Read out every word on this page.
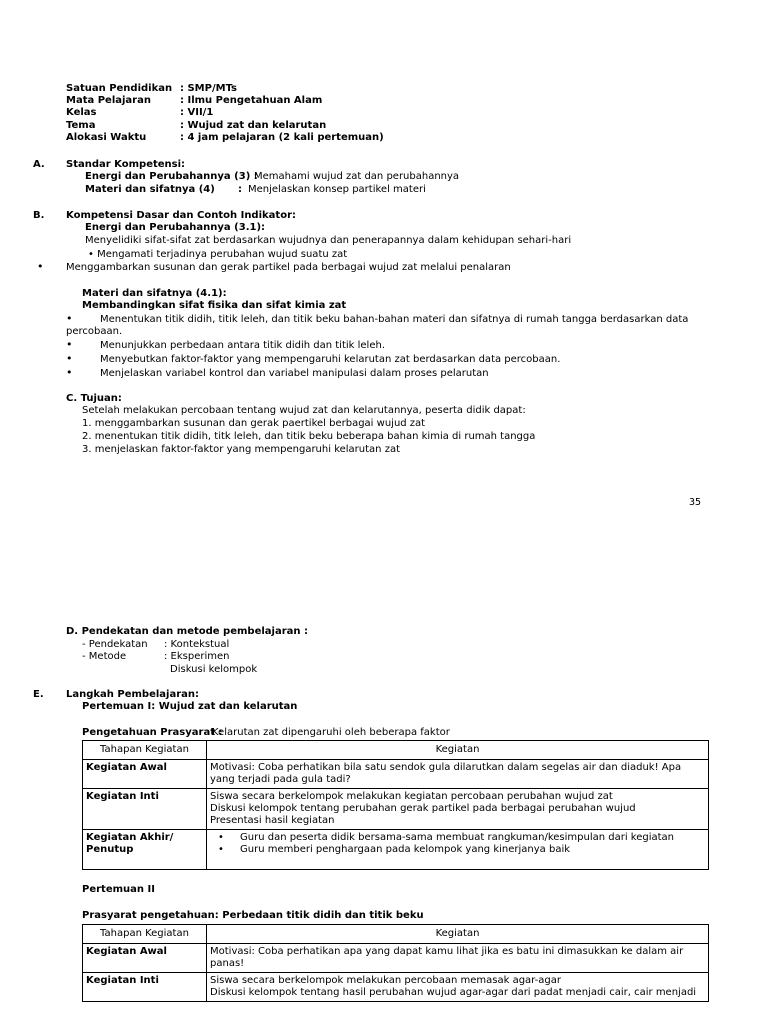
Satuan Pendidikan : SMP/MTs
Mata Pelajaran	: Ilmu Pengetahuan Alam
Kelas	: VII/1
Tema	: Wujud zat dan kelarutan
Alokasi Waktu	: 4 jam pelajaran (2 kali pertemuan)
A. Standar Kompetensi:
Energi dan Perubahannya (3) :
Memahami wujud zat dan perubahannya
Materi dan sifatnya (4) : Menjelaskan konsep partikel materi
B. Kompetensi Dasar dan Contoh Indikator:
Energi dan Perubahannya (3.1):
Menyelidiki sifat-sifat zat berdasarkan wujudnya dan penerapannya dalam kehidupan sehari-hari
• Mengamati terjadinya perubahan wujud suatu zat
• Menggambarkan susunan dan gerak partikel pada berbagai wujud zat melalui penalaran
Materi dan sifatnya (4.1):
Membandingkan sifat fisika dan sifat kimia zat
•	Menentukan titik didih, titik leleh, dan titik beku bahan-bahan materi dan sifatnya di rumah tangga berdasarkan data
percobaan.
•	Menunjukkan perbedaan antara titik didih dan titik leleh.
•	Menyebutkan faktor-faktor yang mempengaruhi kelarutan zat berdasarkan data percobaan.
•	Menjelaskan variabel kontrol dan variabel manipulasi dalam proses pelarutan
C. Tujuan:
Setelah melakukan percobaan tentang wujud zat dan kelarutannya, peserta didik dapat:
1. menggambarkan susunan dan gerak paertikel berbagai wujud zat
2. menentukan titik didih, titk leleh, dan titik beku beberapa bahan kimia di rumah tangga
3. menjelaskan faktor-faktor yang mempengaruhi kelarutan zat
35
D. Pendekatan dan metode pembelajaran :
- Pendekatan : Kontekstual
- Metode	: Eksperimen
Diskusi kelompok
E. Langkah Pembelajaran:
Pertemuan I: Wujud zat dan kelarutan
Pengetahuan Prasyarat :
Kelarutan zat dipengaruhi oleh beberapa faktor
Tahapan Kegiatan	Kegiatan
Kegiatan Awal	Motivasi: Coba perhatikan bila satu sendok gula dilarutkan dalam segelas air dan diaduk! Apa yang terjadi pada gula tadi?

Kegiatan Inti	Siswa secara berkelompok melakukan kegiatan percobaan perubahan wujud zat
Diskusi kelompok tentang perubahan gerak partikel pada berbagai perubahan wujud
Presentasi hasil kegiatan

Kegiatan Akhir/ Penutup	• Guru dan peserta didik bersama-sama membuat rangkuman/kesimpulan dari kegiatan
• Guru memberi penghargaan pada kelompok yang kinerjanya baik
Pertemuan II
Prasyarat pengetahuan: Perbedaan titik didih dan titik beku
Tahapan Kegiatan	Kegiatan
Kegiatan Awal	Motivasi: Coba perhatikan apa yang dapat kamu lihat jika es batu ini dimasukkan ke dalam air panas!

Kegiatan Inti	Siswa secara berkelompok melakukan percobaan memasak agar-agar
Diskusi kelompok tentang hasil perubahan wujud agar-agar dari padat menjadi cair, cair menjadi
